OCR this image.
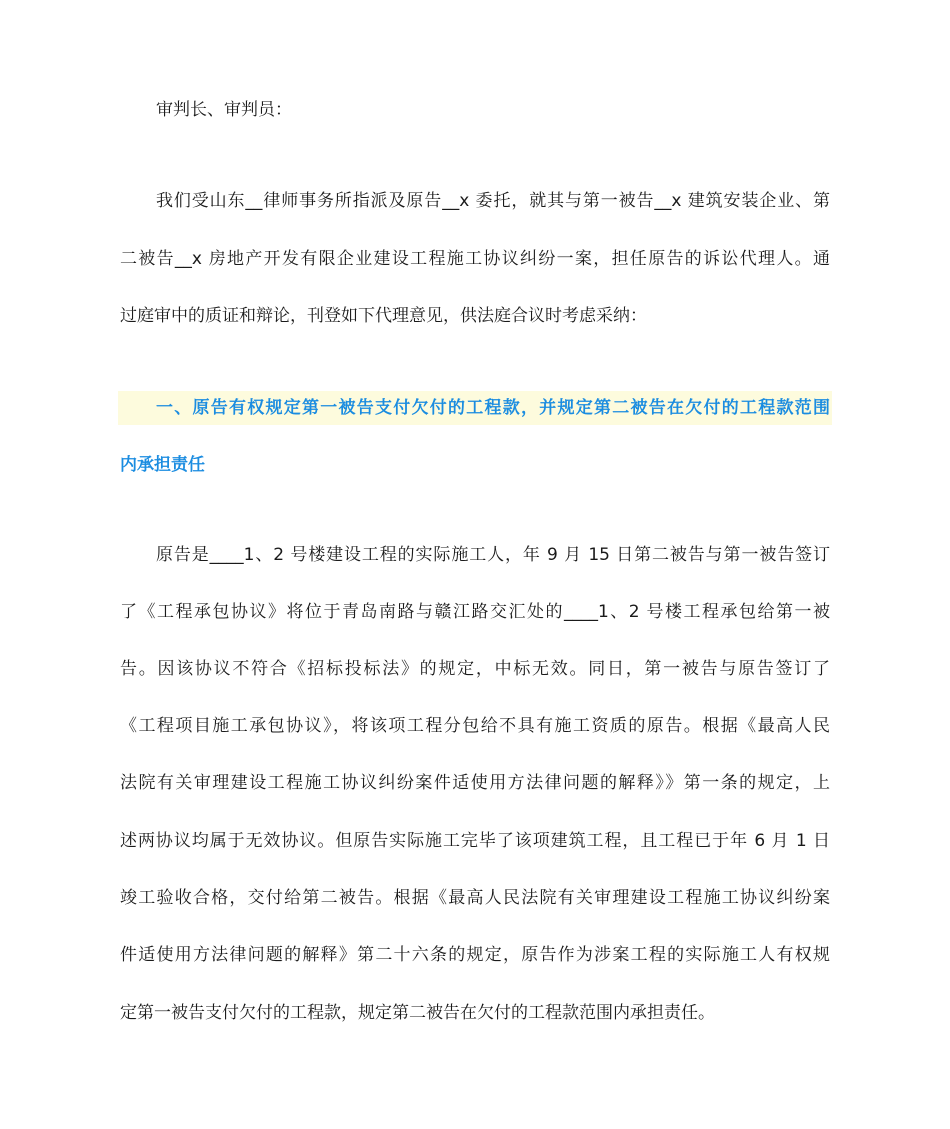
审判长、审判员：
我们受山东__律师事务所指派及原告__x 委托，就其与第一被告__x 建筑安装企业、第
二被告__x 房地产开发有限企业建设工程施工协议纠纷一案，担任原告的诉讼代理人。通
过庭审中的质证和辩论，刊登如下代理意见，供法庭合议时考虑采纳：
一、原告有权规定第一被告支付欠付的工程款，并规定第二被告在欠付的工程款范围
内承担责任
原告是____1、2 号楼建设工程的实际施工人，年 9 月 15 日第二被告与第一被告签订
了《工程承包协议》将位于青岛南路与赣江路交汇处的____1、2 号楼工程承包给第一被
告。因该协议不符合《招标投标法》的规定，中标无效。同日，第一被告与原告签订了
《工程项目施工承包协议》，将该项工程分包给不具有施工资质的原告。根据《最高人民
法院有关审理建设工程施工协议纠纷案件适使用方法律问题的解释》》第一条的规定，上
述两协议均属于无效协议。但原告实际施工完毕了该项建筑工程，且工程已于年 6 月 1 日
竣工验收合格，交付给第二被告。根据《最高人民法院有关审理建设工程施工协议纠纷案
件适使用方法律问题的解释》第二十六条的规定，原告作为涉案工程的实际施工人有权规
定第一被告支付欠付的工程款，规定第二被告在欠付的工程款范围内承担责任。
